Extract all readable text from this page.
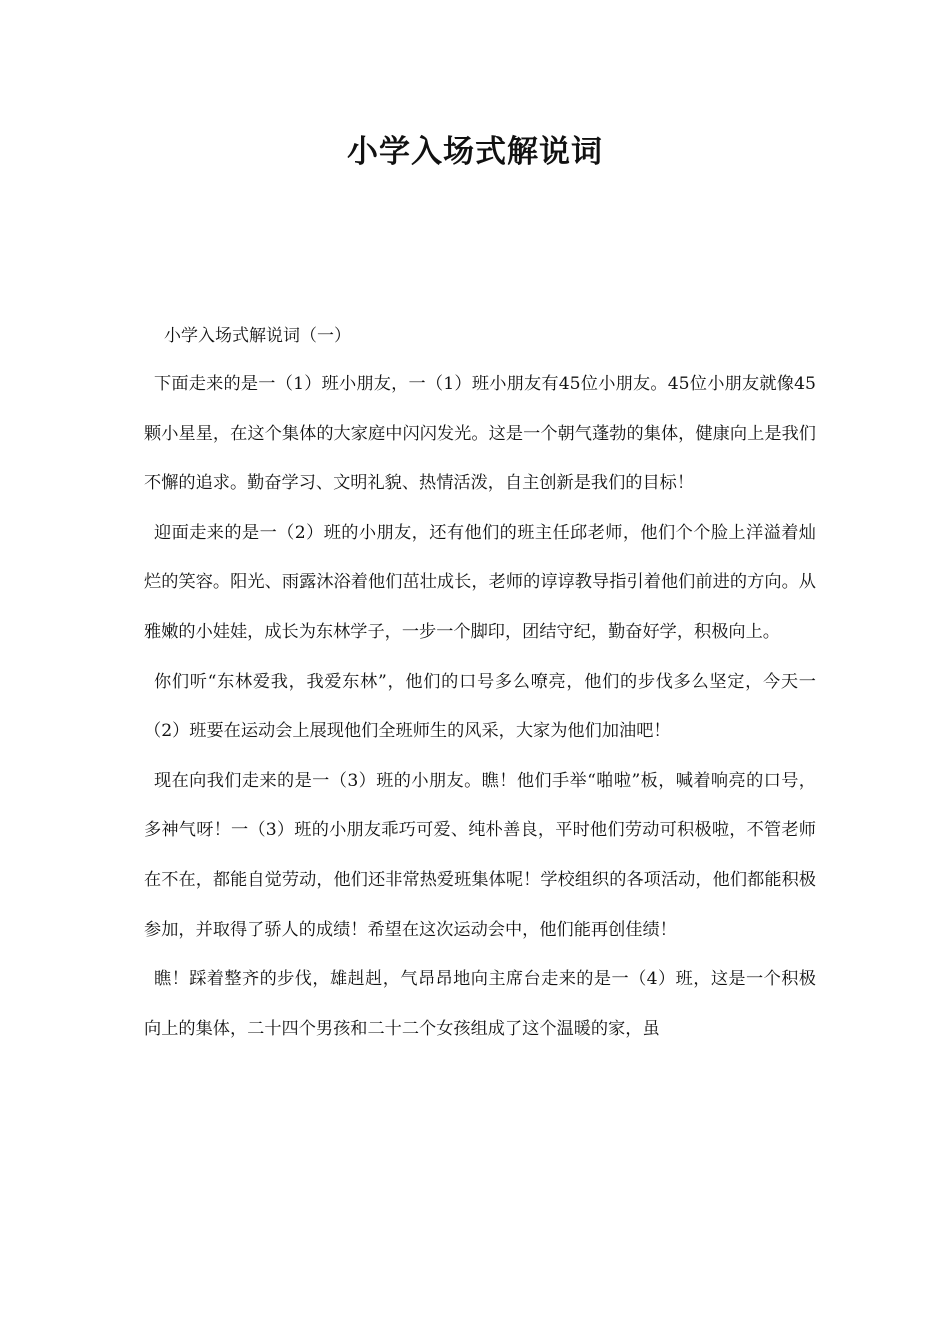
小学入场式解说词

小学入场式解说词（一）

下面走来的是一（1）班小朋友，一（1）班小朋友有45位小朋友。45位小朋友就像45颗小星星，在这个集体的大家庭中闪闪发光。这是一个朝气蓬勃的集体，健康向上是我们不懈的追求。勤奋学习、文明礼貌、热情活泼，自主创新是我们的目标！

迎面走来的是一（2）班的小朋友，还有他们的班主任邱老师，他们个个脸上洋溢着灿烂的笑容。阳光、雨露沐浴着他们茁壮成长，老师的谆谆教导指引着他们前进的方向。从雅嫩的小娃娃，成长为东林学子，一步一个脚印，团结守纪，勤奋好学，积极向上。

你们听“东林爱我，我爱东林”，他们的口号多么嘹亮，他们的步伐多么坚定，今天一（2）班要在运动会上展现他们全班师生的风采，大家为他们加油吧！

现在向我们走来的是一（3）班的小朋友。瞧！他们手举“啪啦”板，喊着响亮的口号，多神气呀！一（3）班的小朋友乖巧可爱、纯朴善良，平时他们劳动可积极啦，不管老师在不在，都能自觉劳动，他们还非常热爱班集体呢！学校组织的各项活动，他们都能积极参加，并取得了骄人的成绩！希望在这次运动会中，他们能再创佳绩！

瞧！踩着整齐的步伐，雄赳赳，气昂昂地向主席台走来的是一（4）班，这是一个积极向上的集体，二十四个男孩和二十二个女孩组成了这个温暖的家，虽
